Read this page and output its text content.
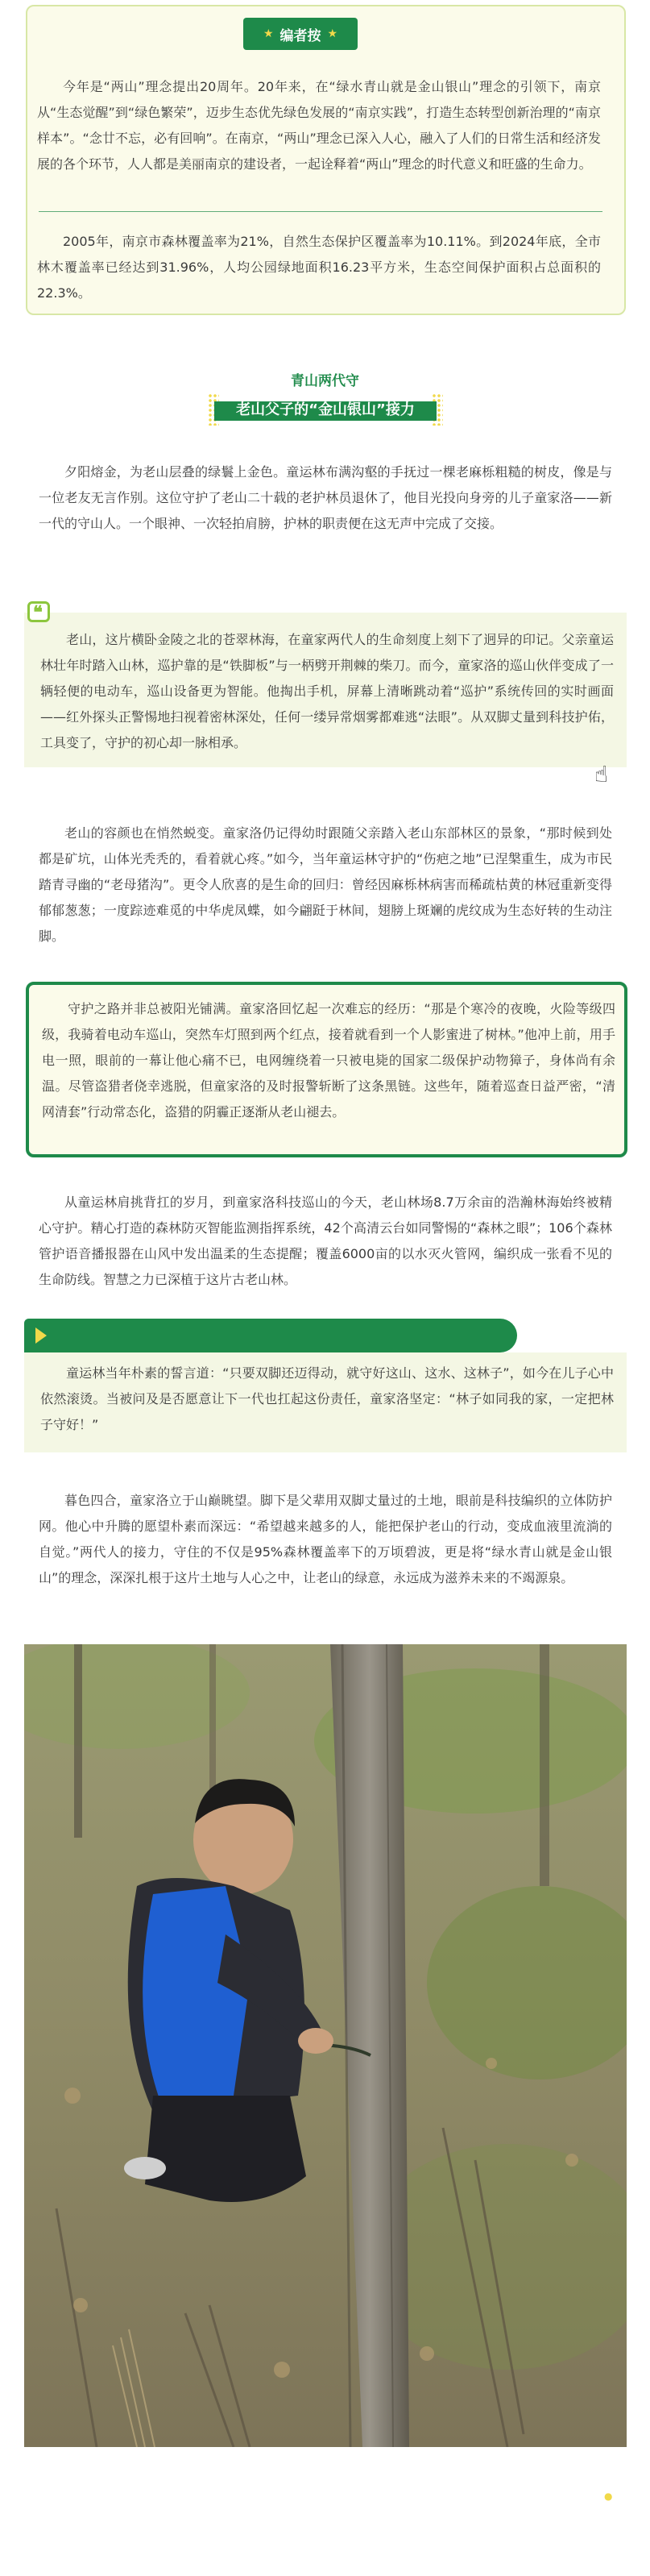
★ 编者按 ★

今年是“两山”理念提出20周年。20年来，在“绿水青山就是金山银山”理念的引领下，南京从“生态觉醒”到“绿色繁荣”，迈步生态优先绿色发展的“南京实践”，打造生态转型创新治理的“南京样本”。“念廿不忘，必有回响”。在南京，“两山”理念已深入人心，融入了人们的日常生活和经济发展的各个环节，人人都是美丽南京的建设者，一起诠释着“两山”理念的时代意义和旺盛的生命力。

2005年，南京市森林覆盖率为21%，自然生态保护区覆盖率为10.11%。到2024年底，全市林木覆盖率已经达到31.96%，人均公园绿地面积16.23平方米，生态空间保护面积占总面积的22.3%。

青山两代守
老山父子的“金山银山”接力

夕阳熔金，为老山层叠的绿鬟上金色。童运林布满沟壑的手抚过一棵老麻栎粗糙的树皮，像是与一位老友无言作别。这位守护了老山二十载的老护林员退休了，他目光投向身旁的儿子童家洛——新一代的守山人。一个眼神、一次轻拍肩膀，护林的职责便在这无声中完成了交接。

❝

老山，这片横卧金陵之北的苍翠林海，在童家两代人的生命刻度上刻下了迥异的印记。父亲童运林壮年时踏入山林，巡护靠的是“铁脚板”与一柄劈开荆棘的柴刀。而今，童家洛的巡山伙伴变成了一辆轻便的电动车，巡山设备更为智能。他掏出手机，屏幕上清晰跳动着“巡护”系统传回的实时画面——红外探头正警惕地扫视着密林深处，任何一缕异常烟雾都难逃“法眼”。从双脚丈量到科技护佑，工具变了，守护的初心却一脉相承。

☝

老山的容颜也在悄然蜕变。童家洛仍记得幼时跟随父亲踏入老山东部林区的景象，“那时候到处都是矿坑，山体光秃秃的，看着就心疼。”如今，当年童运林守护的“伤疤之地”已涅槃重生，成为市民踏青寻幽的“老母猪沟”。更令人欣喜的是生命的回归：曾经因麻栎林病害而稀疏枯黄的林冠重新变得郁郁葱葱；一度踪迹难觅的中华虎凤蝶，如今翩跹于林间，翅膀上斑斓的虎纹成为生态好转的生动注脚。

守护之路并非总被阳光铺满。童家洛回忆起一次难忘的经历：“那是个寒冷的夜晚，火险等级四级，我骑着电动车巡山，突然车灯照到两个红点，接着就看到一个人影蜜进了树林。”他冲上前，用手电一照，眼前的一幕让他心痛不已，电网缠绕着一只被电毙的国家二级保护动物獐子，身体尚有余温。尽管盗猎者侥幸逃脱，但童家洛的及时报警斩断了这条黑链。这些年，随着巡查日益严密，“清网清套”行动常态化，盗猎的阴霾正逐渐从老山褪去。

从童运林肩挑背扛的岁月，到童家洛科技巡山的今天，老山林场8.7万余亩的浩瀚林海始终被精心守护。精心打造的森林防灭智能监测指挥系统，42个高清云台如同警惕的“森林之眼”；106个森林管护语音播报器在山风中发出温柔的生态提醒；覆盖6000亩的以水灭火管网，编织成一张看不见的生命防线。智慧之力已深植于这片古老山林。

童运林当年朴素的誓言道：“只要双脚还迈得动，就守好这山、这水、这林子”，如今在儿子心中依然滚烫。当被问及是否愿意让下一代也扛起这份责任，童家洛坚定：“林子如同我的家，一定把林子守好！”

暮色四合，童家洛立于山巅眺望。脚下是父辈用双脚丈量过的土地，眼前是科技编织的立体防护网。他心中升腾的愿望朴素而深远：“希望越来越多的人，能把保护老山的行动，变成血液里流淌的自觉。”两代人的接力，守住的不仅是95%森林覆盖率下的万顷碧波，更是将“绿水青山就是金山银山”的理念，深深扎根于这片土地与人心之中，让老山的绿意，永远成为滋养未来的不竭源泉。

●
